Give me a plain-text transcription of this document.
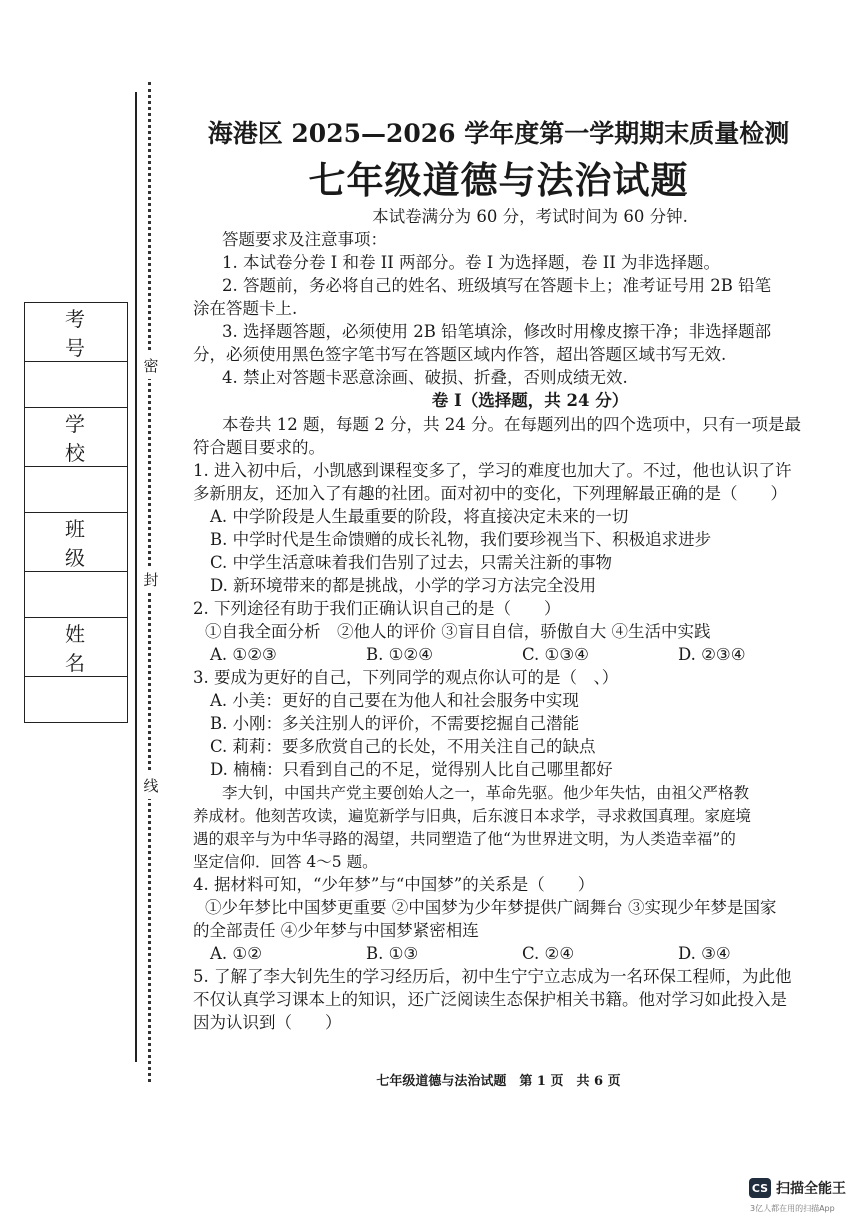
密
封
线
考号

学校

班级

姓名

海港区 2025—2026 学年度第一学期期末质量检测
七年级道德与法治试题
本试卷满分为 60 分，考试时间为 60 分钟.
答题要求及注意事项：
1. 本试卷分卷 I 和卷 II 两部分。卷 I 为选择题，卷 II 为非选择题。
2. 答题前，务必将自己的姓名、班级填写在答题卡上；准考证号用 2B 铅笔
涂在答题卡上.
3. 选择题答题，必须使用 2B 铅笔填涂，修改时用橡皮擦干净；非选择题部
分，必须使用黑色签字笔书写在答题区域内作答，超出答题区域书写无效.
4. 禁止对答题卡恶意涂画、破损、折叠，否则成绩无效.
卷 I（选择题，共 24 分）
本卷共 12 题，每题 2 分，共 24 分。在每题列出的四个选项中，只有一项是最
符合题目要求的。
1. 进入初中后，小凯感到课程变多了，学习的难度也加大了。不过，他也认识了许
多新朋友，还加入了有趣的社团。面对初中的变化，下列理解最正确的是（　　）
A. 中学阶段是人生最重要的阶段，将直接决定未来的一切
B. 中学时代是生命馈赠的成长礼物，我们要珍视当下、积极追求进步
C. 中学生活意味着我们告别了过去，只需关注新的事物
D. 新环境带来的都是挑战，小学的学习方法完全没用
2. 下列途径有助于我们正确认识自己的是（　　）
①自我全面分析　②他人的评价 ③盲目自信，骄傲自大 ④生活中实践
A. ①②③	B. ①②④	C. ①③④	D. ②③④
3. 要成为更好的自己，下列同学的观点你认可的是（　、）
A. 小美：更好的自己要在为他人和社会服务中实现
B. 小刚：多关注别人的评价，不需要挖掘自己潜能
C. 莉莉：要多欣赏自己的长处，不用关注自己的缺点
D. 楠楠：只看到自己的不足，觉得别人比自己哪里都好
李大钊，中国共产党主要创始人之一，革命先驱。他少年失怙，由祖父严格教
养成材。他刻苦攻读，遍览新学与旧典，后东渡日本求学，寻求救国真理。家庭境
遇的艰辛与为中华寻路的渴望，共同塑造了他“为世界进文明，为人类造幸福”的
坚定信仰．回答 4～5 题。
4. 据材料可知，“少年梦”与“中国梦”的关系是（　　）
①少年梦比中国梦更重要 ②中国梦为少年梦提供广阔舞台 ③实现少年梦是国家
的全部责任 ④少年梦与中国梦紧密相连
A. ①②	B. ①③	C. ②④	D. ③④
5. 了解了李大钊先生的学习经历后，初中生宁宁立志成为一名环保工程师，为此他
不仅认真学习课本上的知识，还广泛阅读生态保护相关书籍。他对学习如此投入是
因为认识到（　　）
七年级道德与法治试题　第 1 页　共 6 页
CS 扫描全能王
3亿人都在用的扫描App
